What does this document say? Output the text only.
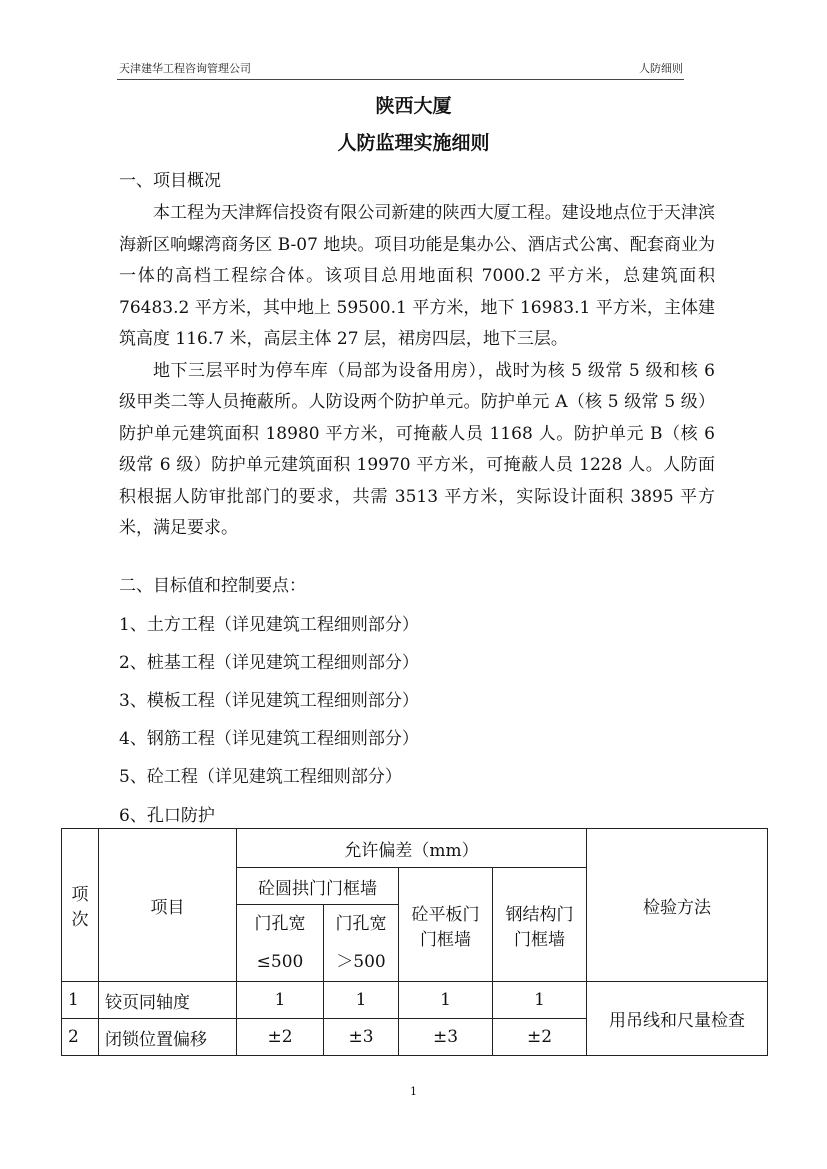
天津建华工程咨询管理公司	人防细则
陕西大厦
人防监理实施细则
一、项目概况

本工程为天津辉信投资有限公司新建的陕西大厦工程。建设地点位于天津滨海新区响螺湾商务区 B-07 地块。项目功能是集办公、酒店式公寓、配套商业为一体的高档工程综合体。该项目总用地面积 7000.2 平方米，总建筑面积 76483.2 平方米，其中地上 59500.1 平方米，地下 16983.1 平方米，主体建筑高度 116.7 米，高层主体 27 层，裙房四层，地下三层。

地下三层平时为停车库（局部为设备用房），战时为核 5 级常 5 级和核 6 级甲类二等人员掩蔽所。人防设两个防护单元。防护单元 A（核 5 级常 5 级）防护单元建筑面积 18980 平方米，可掩蔽人员 1168 人。防护单元 B（核 6 级常 6 级）防护单元建筑面积 19970 平方米，可掩蔽人员 1228 人。人防面积根据人防审批部门的要求，共需 3513 平方米，实际设计面积 3895 平方米，满足要求。

二、目标值和控制要点：
1、土方工程（详见建筑工程细则部分）
2、桩基工程（详见建筑工程细则部分）
3、模板工程（详见建筑工程细则部分）
4、钢筋工程（详见建筑工程细则部分）
5、砼工程（详见建筑工程细则部分）
6、孔口防护
项次	项目	允许偏差（mm）				检验方法
		砼圆拱门门框墙		砼平板门门框墙	钢结构门门框墙	
		门孔宽≤500	门孔宽＞500			
1	铰页同轴度	1	1	1	1	用吊线和尺量检查
2	闭锁位置偏移	±2	±3	±3	±2	
1
